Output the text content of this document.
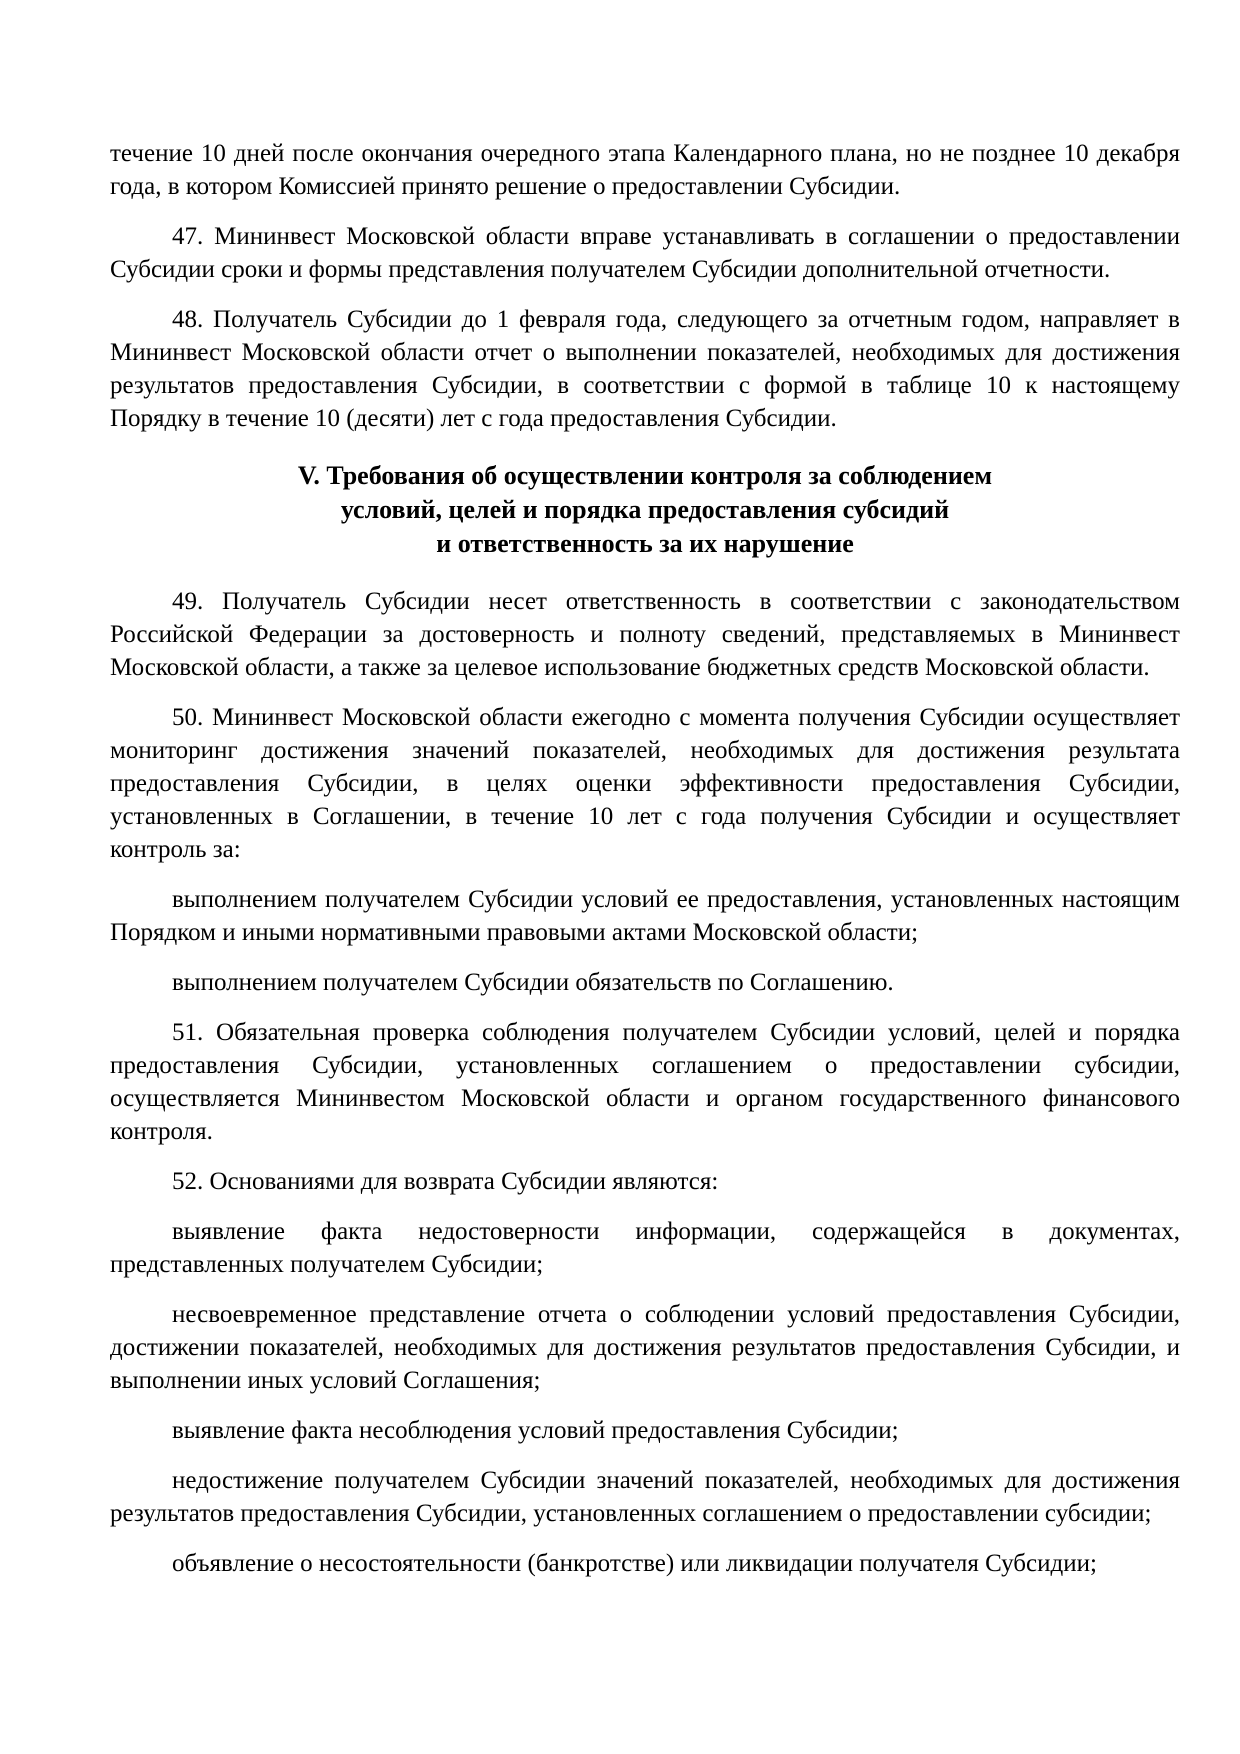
течение 10 дней после окончания очередного этапа Календарного плана, но не позднее 10 декабря года, в котором Комиссией принято решение о предоставлении Субсидии.

47. Мининвест Московской области вправе устанавливать в соглашении о предоставлении Субсидии сроки и формы представления получателем Субсидии дополнительной отчетности.

48. Получатель Субсидии до 1 февраля года, следующего за отчетным годом, направляет в Мининвест Московской области отчет о выполнении показателей, необходимых для достижения результатов предоставления Субсидии, в соответствии с формой в таблице 10 к настоящему Порядку в течение 10 (десяти) лет с года предоставления Субсидии.

V. Требования об осуществлении контроля за соблюдением
условий, целей и порядка предоставления субсидий
и ответственность за их нарушение

49. Получатель Субсидии несет ответственность в соответствии с законодательством Российской Федерации за достоверность и полноту сведений, представляемых в Мининвест Московской области, а также за целевое использование бюджетных средств Московской области.

50. Мининвест Московской области ежегодно с момента получения Субсидии осуществляет мониторинг достижения значений показателей, необходимых для достижения результата предоставления Субсидии, в целях оценки эффективности предоставления Субсидии, установленных в Соглашении, в течение 10 лет с года получения Субсидии и осуществляет контроль за:

выполнением получателем Субсидии условий ее предоставления, установленных настоящим Порядком и иными нормативными правовыми актами Московской области;

выполнением получателем Субсидии обязательств по Соглашению.

51. Обязательная проверка соблюдения получателем Субсидии условий, целей и порядка предоставления Субсидии, установленных соглашением о предоставлении субсидии, осуществляется Мининвестом Московской области и органом государственного финансового контроля.

52. Основаниями для возврата Субсидии являются:

выявление факта недостоверности информации, содержащейся в документах, представленных получателем Субсидии;

несвоевременное представление отчета о соблюдении условий предоставления Субсидии, достижении показателей, необходимых для достижения результатов предоставления Субсидии, и выполнении иных условий Соглашения;

выявление факта несоблюдения условий предоставления Субсидии;

недостижение получателем Субсидии значений показателей, необходимых для достижения результатов предоставления Субсидии, установленных соглашением о предоставлении субсидии;

объявление о несостоятельности (банкротстве) или ликвидации получателя Субсидии;
